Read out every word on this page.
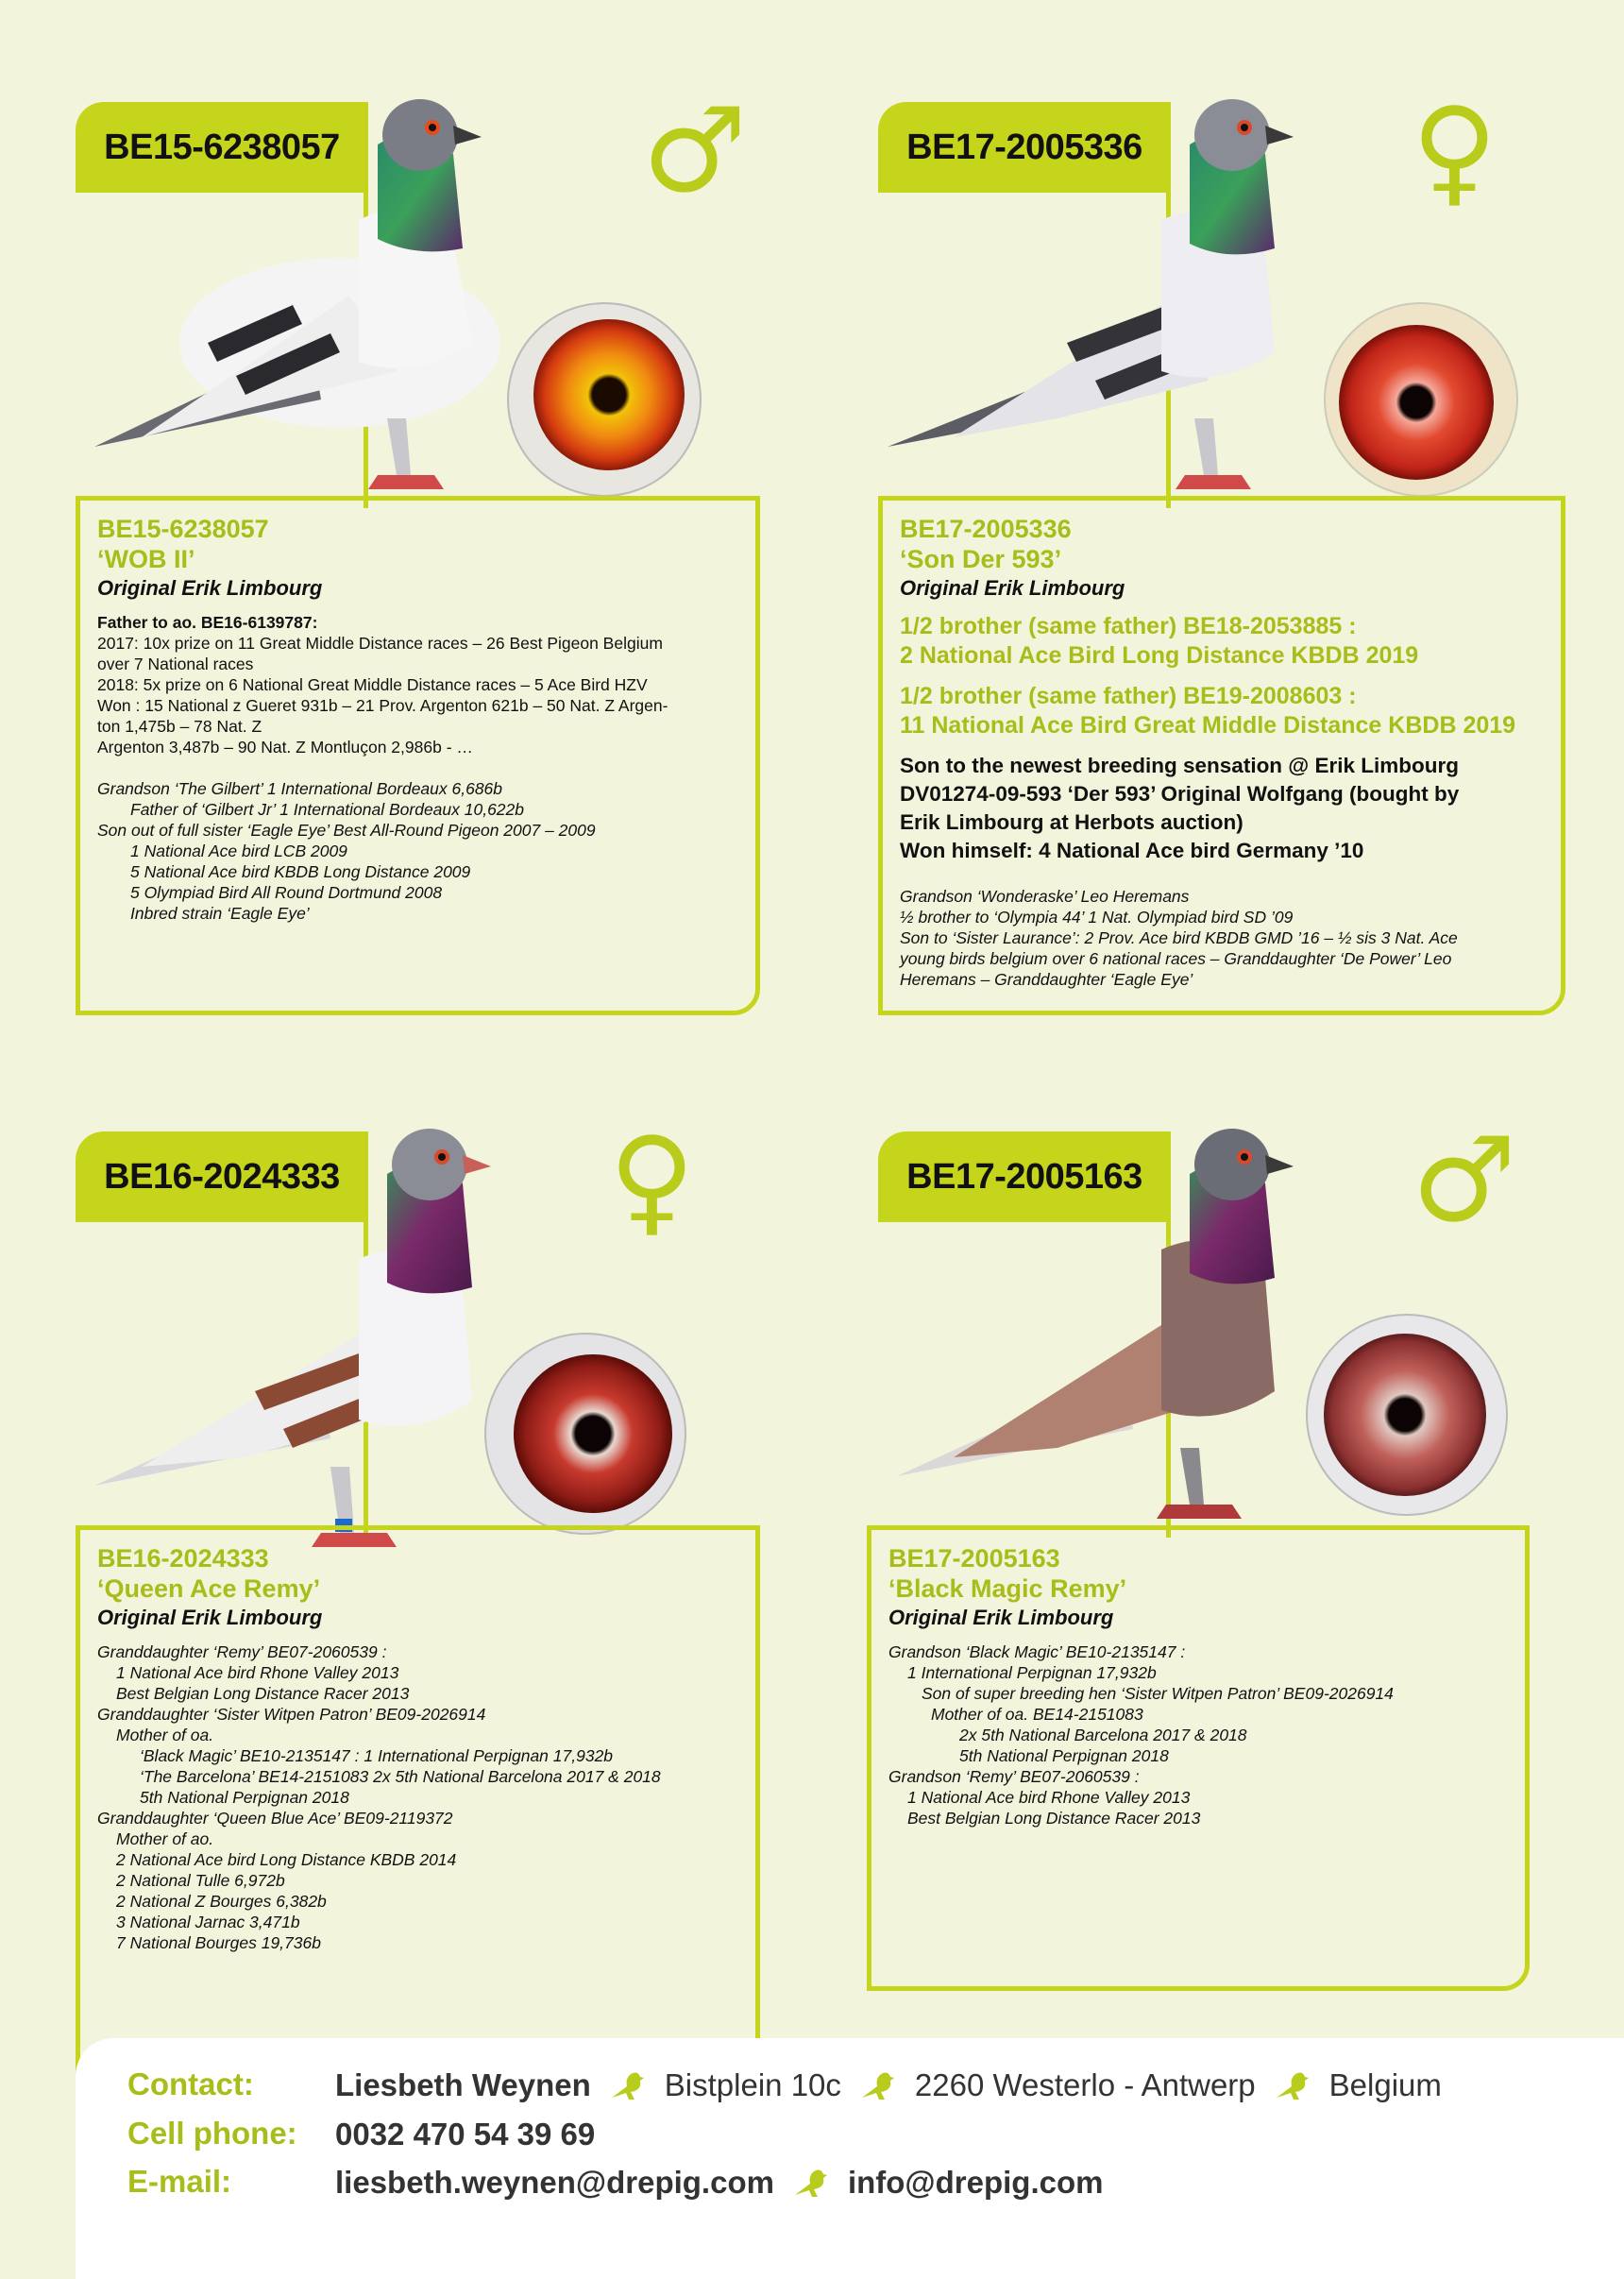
BE15-6238057	♂
BE15-6238057
‘WOB II’
Original Erik Limbourg
Father to ao. BE16-6139787:
2017: 10x prize on 11 Great Middle Distance races – 26 Best Pigeon Belgium
over 7 National races
2018: 5x prize on 6 National Great Middle Distance races – 5 Ace Bird HZV
Won : 15 National z Gueret 931b – 21 Prov. Argenton 621b – 50 Nat. Z Argen-
ton 1,475b – 78 Nat. Z
Argenton 3,487b – 90 Nat. Z Montluçon 2,986b - …
Grandson ‘The Gilbert’ 1 International Bordeaux 6,686b
Father of ‘Gilbert Jr’ 1 International Bordeaux 10,622b
Son out of full sister ‘Eagle Eye’ Best All-Round Pigeon 2007 – 2009
1 National Ace bird LCB 2009
5 National Ace bird KBDB Long Distance 2009
5 Olympiad Bird All Round Dortmund 2008
Inbred strain ‘Eagle Eye’
BE17-2005336 ♀
BE17-2005336
‘Son Der 593’
Original Erik Limbourg
1/2 brother (same father) BE18-2053885 :
2 National Ace Bird Long Distance KBDB 2019
1/2 brother (same father) BE19-2008603 :
11 National Ace Bird Great Middle Distance KBDB 2019
Son to the newest breeding sensation @ Erik Limbourg
DV01274-09-593 ‘Der 593’ Original Wolfgang (bought by
Erik Limbourg at Herbots auction)
Won himself: 4 National Ace bird Germany ’10
Grandson ‘Wonderaske’ Leo Heremans
½ brother to ‘Olympia 44’ 1 Nat. Olympiad bird SD ’09
Son to ‘Sister Laurance’: 2 Prov. Ace bird KBDB GMD ’16 – ½ sis 3 Nat. Ace
young birds belgium over 6 national races – Granddaughter ‘De Power’ Leo
Heremans – Granddaughter ‘Eagle Eye’
BE16-2024333 ♀
BE16-2024333
‘Queen Ace Remy’
Original Erik Limbourg
Granddaughter ‘Remy’ BE07-2060539 :
1 National Ace bird Rhone Valley 2013
Best Belgian Long Distance Racer 2013
Granddaughter ‘Sister Witpen Patron’ BE09-2026914
Mother of oa.
‘Black Magic’ BE10-2135147 : 1 International Perpignan 17,932b
‘The Barcelona’ BE14-2151083 2x 5th National Barcelona 2017 & 2018
5th National Perpignan 2018
Granddaughter ‘Queen Blue Ace’ BE09-2119372
Mother of ao.
2 National Ace bird Long Distance KBDB 2014
2 National Tulle 6,972b
2 National Z Bourges 6,382b
3 National Jarnac 3,471b
7 National Bourges 19,736b
BE17-2005163 ♂
BE17-2005163
‘Black Magic Remy’
Original Erik Limbourg
Grandson ‘Black Magic’ BE10-2135147 :
1 International Perpignan 17,932b
Son of super breeding hen ‘Sister Witpen Patron’ BE09-2026914
Mother of oa. BE14-2151083
2x 5th National Barcelona 2017 & 2018
5th National Perpignan 2018
Grandson ‘Remy’ BE07-2060539 :
1 National Ace bird Rhone Valley 2013
Best Belgian Long Distance Racer 2013
Contact:	Liesbeth Weynen Bistplein 10c 2260 Westerlo - Antwerp Belgium
Cell phone: 0032 470 54 39 69
E-mail:	liesbeth.weynen@drepig.com info@drepig.com
